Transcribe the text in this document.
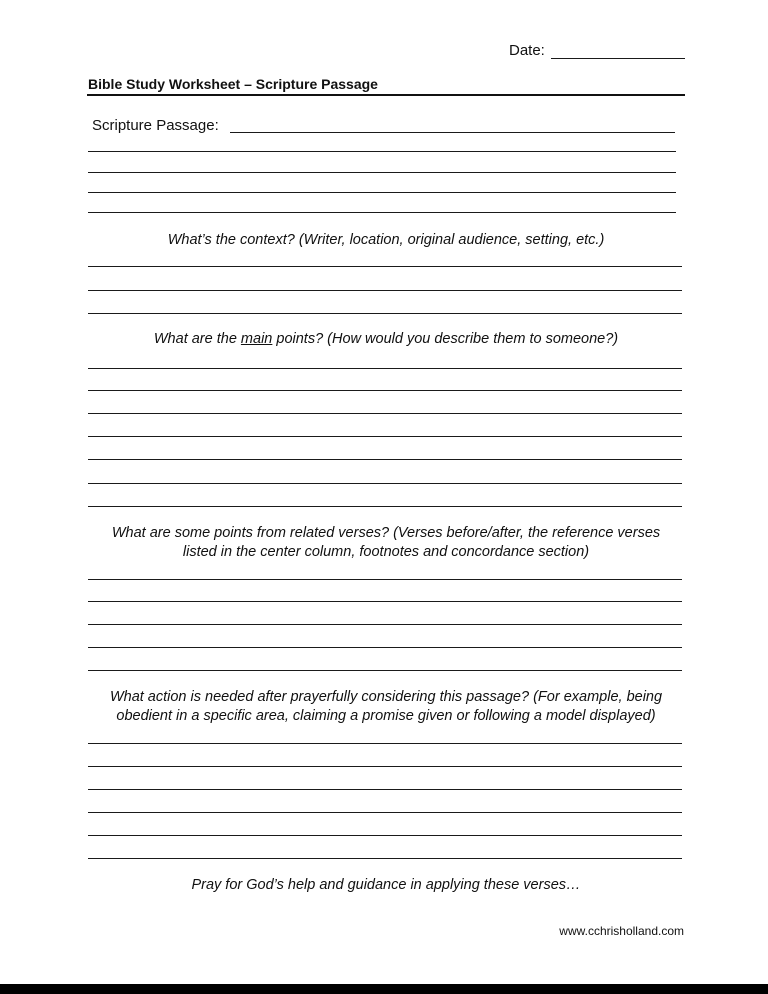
Date:
Bible Study Worksheet – Scripture Passage
Scripture Passage:
What’s the context? (Writer, location, original audience, setting, etc.)
What are the main points? (How would you describe them to someone?)
What are some points from related verses? (Verses before/after, the reference verses
listed in the center column, footnotes and concordance section)
What action is needed after prayerfully considering this passage? (For example, being
obedient in a specific area, claiming a promise given or following a model displayed)
Pray for God’s help and guidance in applying these verses…
www.cchrisholland.com
